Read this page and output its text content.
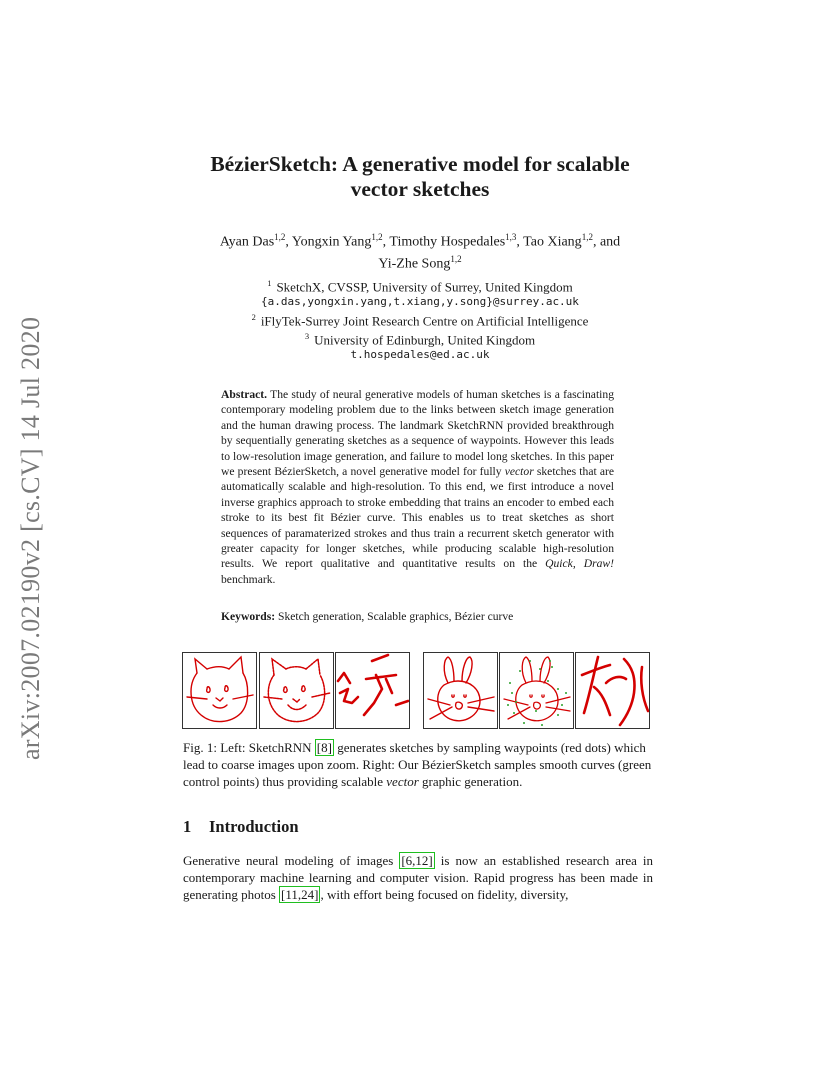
arXiv:2007.02190v2 [cs.CV] 14 Jul 2020
BézierSketch: A generative model for scalable
vector sketches
Ayan Das$^{1,2}$, Yongxin Yang$^{1,2}$, Timothy Hospedales$^{1,3}$, Tao Xiang$^{1,2}$, and
Yi-Zhe Song$^{1,2}$
$^1$ SketchX, CVSSP, University of Surrey, United Kingdom
{a.das,yongxin.yang,t.xiang,y.song}@surrey.ac.uk
$^2$ iFlyTek-Surrey Joint Research Centre on Artificial Intelligence
$^3$ University of Edinburgh, United Kingdom
t.hospedales@ed.ac.uk
Abstract. The study of neural generative models of human sketches is a fascinating contemporary modeling problem due to the links between sketch image generation and the human drawing process. The landmark SketchRNN provided breakthrough by sequentially generating sketches as a sequence of waypoints. However this leads to low-resolution image generation, and failure to model long sketches. In this paper we present BézierSketch, a novel generative model for fully vector sketches that are automatically scalable and high-resolution. To this end, we first introduce a novel inverse graphics approach to stroke embedding that trains an encoder to embed each stroke to its best fit Bézier curve. This enables us to treat sketches as short sequences of paramaterized strokes and thus train a recurrent sketch generator with greater capacity for longer sketches, while producing scalable high-resolution results. We report qualitative and quantitative results on the Quick, Draw! benchmark.
Keywords: Sketch generation, Scalable graphics, Bézier curve
Fig. 1: Left: SketchRNN [8] generates sketches by sampling waypoints (red dots) which lead to coarse images upon zoom. Right: Our BézierSketch samples smooth curves (green control points) thus providing scalable vector graphic generation.
1 Introduction
Generative neural modeling of images [6,12] is now an established research area in contemporary machine learning and computer vision. Rapid progress has been made in generating photos [11,24] , with effort being focused on fidelity, diversity,
